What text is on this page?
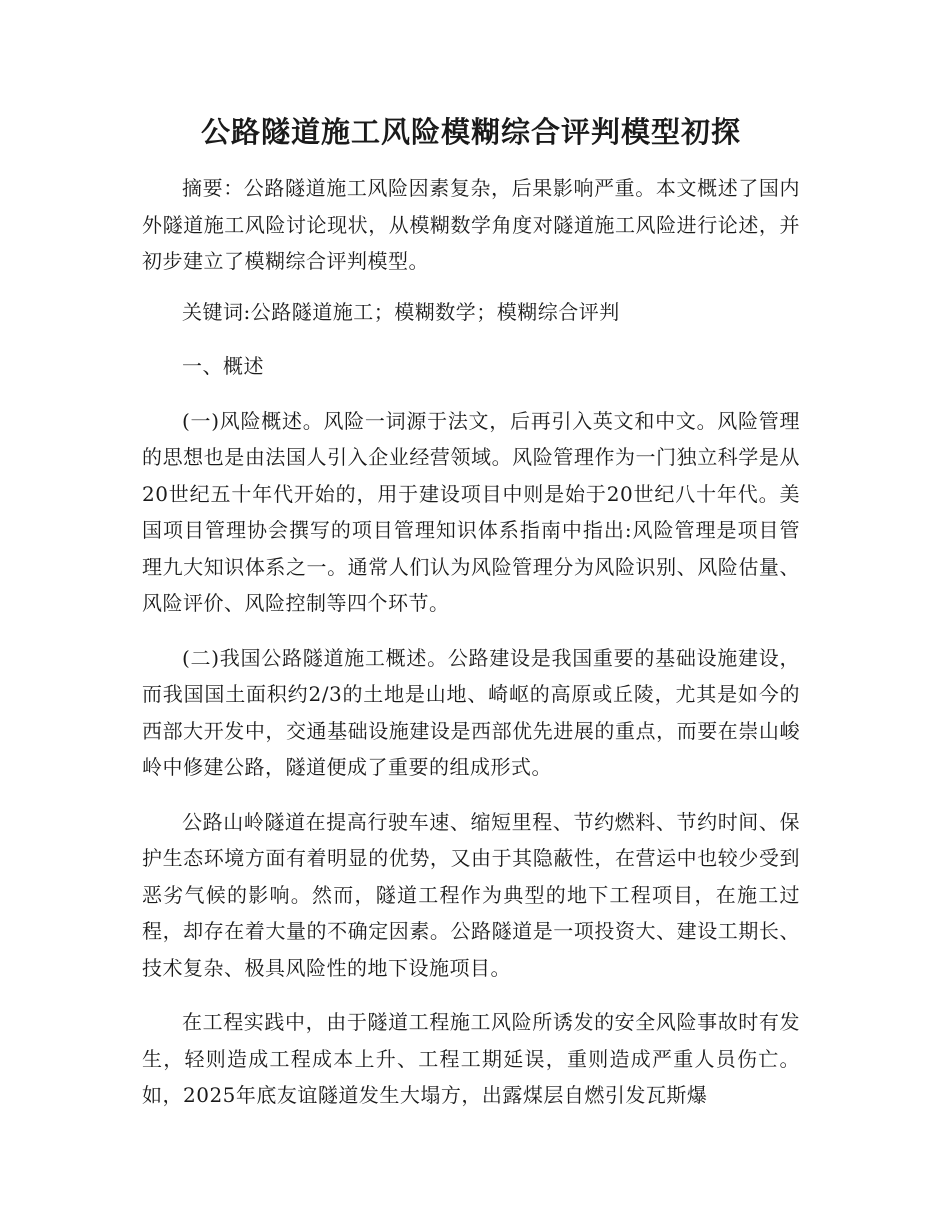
公路隧道施工风险模糊综合评判模型初探

摘要：公路隧道施工风险因素复杂，后果影响严重。本文概述了国内外隧道施工风险讨论现状，从模糊数学角度对隧道施工风险进行论述，并初步建立了模糊综合评判模型。

关键词:公路隧道施工；模糊数学；模糊综合评判

一、概述

(一)风险概述。风险一词源于法文，后再引入英文和中文。风险管理的思想也是由法国人引入企业经营领域。风险管理作为一门独立科学是从20世纪五十年代开始的，用于建设项目中则是始于20世纪八十年代。美国项目管理协会撰写的项目管理知识体系指南中指出:风险管理是项目管理九大知识体系之一。通常人们认为风险管理分为风险识别、风险估量、风险评价、风险控制等四个环节。

(二)我国公路隧道施工概述。公路建设是我国重要的基础设施建设，而我国国土面积约2/3的土地是山地、崎岖的高原或丘陵，尤其是如今的西部大开发中，交通基础设施建设是西部优先进展的重点，而要在崇山峻岭中修建公路，隧道便成了重要的组成形式。

公路山岭隧道在提高行驶车速、缩短里程、节约燃料、节约时间、保护生态环境方面有着明显的优势，又由于其隐蔽性，在营运中也较少受到恶劣气候的影响。然而，隧道工程作为典型的地下工程项目，在施工过程，却存在着大量的不确定因素。公路隧道是一项投资大、建设工期长、技术复杂、极具风险性的地下设施项目。

在工程实践中，由于隧道工程施工风险所诱发的安全风险事故时有发生，轻则造成工程成本上升、工程工期延误，重则造成严重人员伤亡。如，2025年底友谊隧道发生大塌方，出露煤层自燃引发瓦斯爆
